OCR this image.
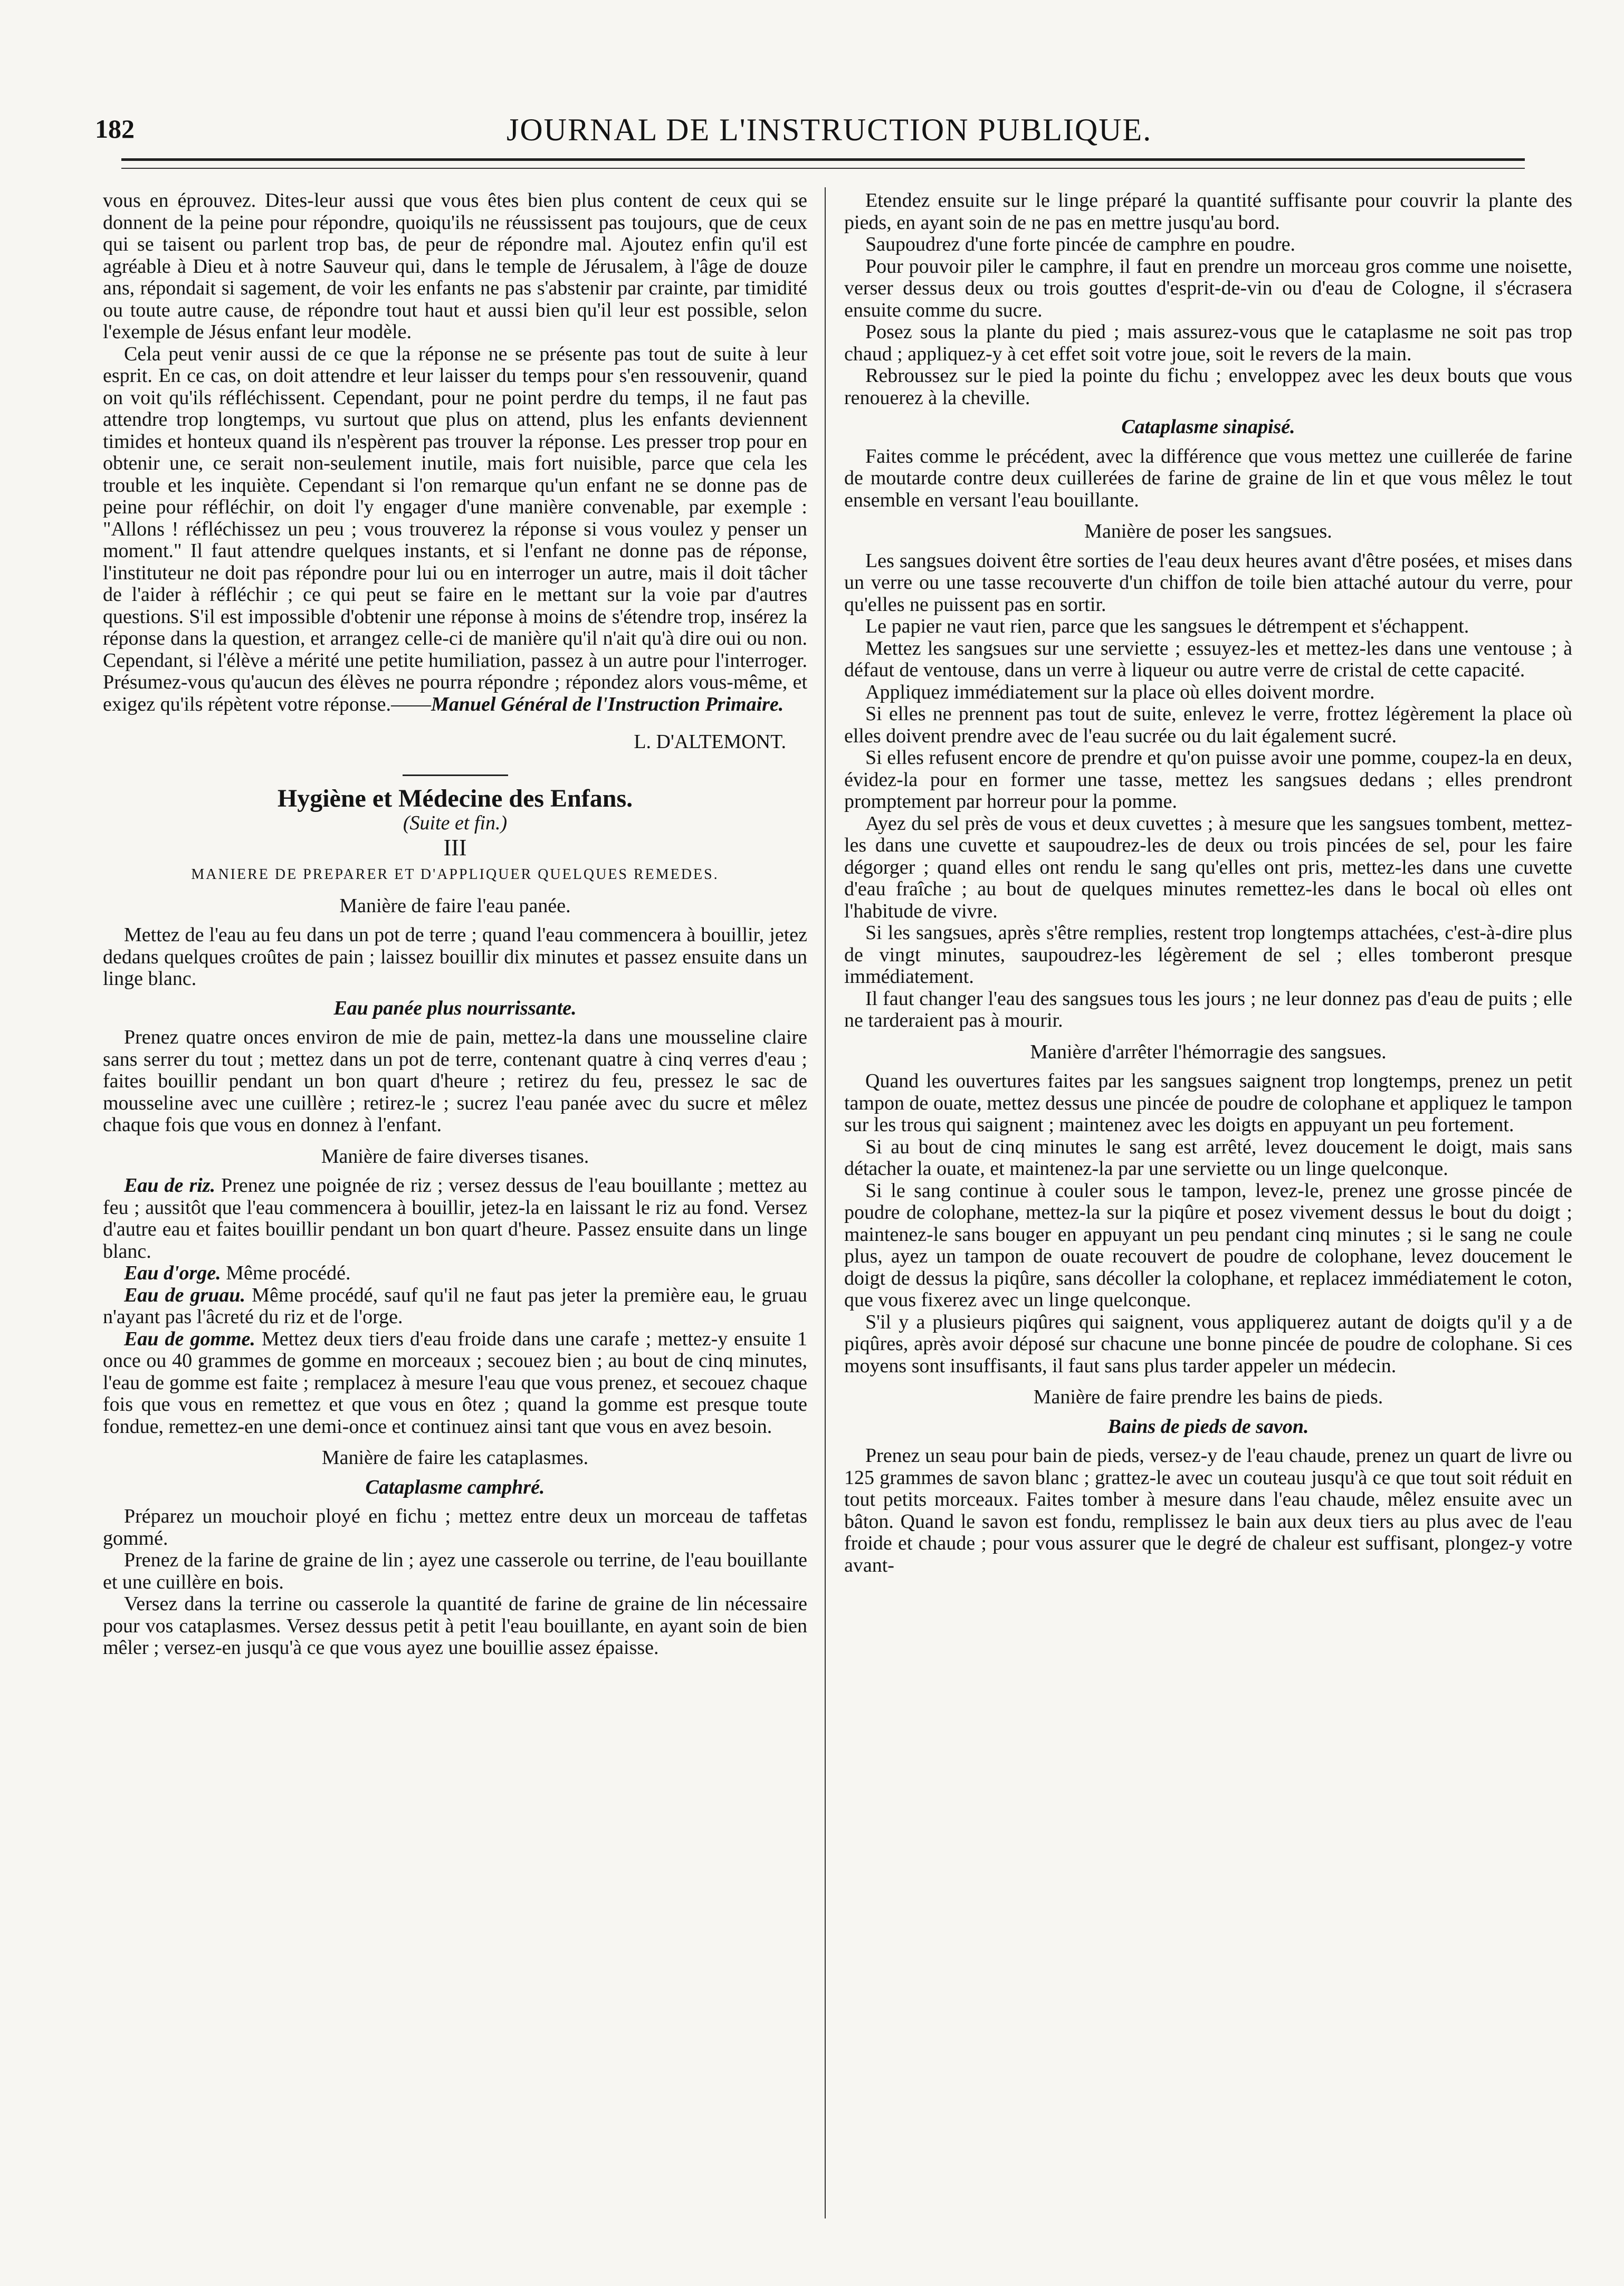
182	JOURNAL DE L'INSTRUCTION PUBLIQUE.

vous en éprouvez. Dites-leur aussi que vous êtes bien plus content de ceux qui se donnent de la peine pour répondre, quoiqu'ils ne réussissent pas toujours, que de ceux qui se taisent ou parlent trop bas, de peur de répondre mal. Ajoutez enfin qu'il est agréable à Dieu et à notre Sauveur qui, dans le temple de Jérusalem, à l'âge de douze ans, répondait si sagement, de voir les enfants ne pas s'abstenir par crainte, par timidité ou toute autre cause, de répondre tout haut et aussi bien qu'il leur est possible, selon l'exemple de Jésus enfant leur modèle.

Cela peut venir aussi de ce que la réponse ne se présente pas tout de suite à leur esprit. En ce cas, on doit attendre et leur laisser du temps pour s'en ressouvenir, quand on voit qu'ils réfléchissent. Cependant, pour ne point perdre du temps, il ne faut pas attendre trop longtemps, vu surtout que plus on attend, plus les enfants deviennent timides et honteux quand ils n'espèrent pas trouver la réponse. Les presser trop pour en obtenir une, ce serait non-seulement inutile, mais fort nuisible, parce que cela les trouble et les inquiète. Cependant si l'on remarque qu'un enfant ne se donne pas de peine pour réfléchir, on doit l'y engager d'une manière convenable, par exemple : "Allons ! réfléchissez un peu ; vous trouverez la réponse si vous voulez y penser un moment." Il faut attendre quelques instants, et si l'enfant ne donne pas de réponse, l'instituteur ne doit pas répondre pour lui ou en interroger un autre, mais il doit tâcher de l'aider à réfléchir ; ce qui peut se faire en le mettant sur la voie par d'autres questions. S'il est impossible d'obtenir une réponse à moins de s'étendre trop, insérez la réponse dans la question, et arrangez celle-ci de manière qu'il n'ait qu'à dire oui ou non. Cependant, si l'élève a mérité une petite humiliation, passez à un autre pour l'interroger. Présumez-vous qu'aucun des élèves ne pourra répondre ; répondez alors vous-même, et exigez qu'ils répètent votre réponse.——Manuel Général de l'Instruction Primaire.

L. D'ALTEMONT.

Hygiène et Médecine des Enfans.

(Suite et fin.)

III

MANIERE DE PREPARER ET D'APPLIQUER QUELQUES REMEDES.

Manière de faire l'eau panée.

Mettez de l'eau au feu dans un pot de terre ; quand l'eau commencera à bouillir, jetez dedans quelques croûtes de pain ; laissez bouillir dix minutes et passez ensuite dans un linge blanc.

Eau panée plus nourrissante.

Prenez quatre onces environ de mie de pain, mettez-la dans une mousseline claire sans serrer du tout ; mettez dans un pot de terre, contenant quatre à cinq verres d'eau ; faites bouillir pendant un bon quart d'heure ; retirez du feu, pressez le sac de mousseline avec une cuillère ; retirez-le ; sucrez l'eau panée avec du sucre et mêlez chaque fois que vous en donnez à l'enfant.

Manière de faire diverses tisanes.

Eau de riz. Prenez une poignée de riz ; versez dessus de l'eau bouillante ; mettez au feu ; aussitôt que l'eau commencera à bouillir, jetez-la en laissant le riz au fond. Versez d'autre eau et faites bouillir pendant un bon quart d'heure. Passez ensuite dans un linge blanc.

Eau d'orge. Même procédé.

Eau de gruau. Même procédé, sauf qu'il ne faut pas jeter la première eau, le gruau n'ayant pas l'âcreté du riz et de l'orge.

Eau de gomme. Mettez deux tiers d'eau froide dans une carafe ; mettez-y ensuite 1 once ou 40 grammes de gomme en morceaux ; secouez bien ; au bout de cinq minutes, l'eau de gomme est faite ; remplacez à mesure l'eau que vous prenez, et secouez chaque fois que vous en remettez et que vous en ôtez ; quand la gomme est presque toute fondue, remettez-en une demi-once et continuez ainsi tant que vous en avez besoin.

Manière de faire les cataplasmes.

Cataplasme camphré.

Préparez un mouchoir ployé en fichu ; mettez entre deux un morceau de taffetas gommé.

Prenez de la farine de graine de lin ; ayez une casserole ou terrine, de l'eau bouillante et une cuillère en bois.

Versez dans la terrine ou casserole la quantité de farine de graine de lin nécessaire pour vos cataplasmes. Versez dessus petit à petit l'eau bouillante, en ayant soin de bien mêler ; versez-en jusqu'à ce que vous ayez une bouillie assez épaisse.

Etendez ensuite sur le linge préparé la quantité suffisante pour couvrir la plante des pieds, en ayant soin de ne pas en mettre jusqu'au bord.

Saupoudrez d'une forte pincée de camphre en poudre.

Pour pouvoir piler le camphre, il faut en prendre un morceau gros comme une noisette, verser dessus deux ou trois gouttes d'esprit-de-vin ou d'eau de Cologne, il s'écrasera ensuite comme du sucre.

Posez sous la plante du pied ; mais assurez-vous que le cataplasme ne soit pas trop chaud ; appliquez-y à cet effet soit votre joue, soit le revers de la main.

Rebroussez sur le pied la pointe du fichu ; enveloppez avec les deux bouts que vous renouerez à la cheville.

Cataplasme sinapisé.

Faites comme le précédent, avec la différence que vous mettez une cuillerée de farine de moutarde contre deux cuillerées de farine de graine de lin et que vous mêlez le tout ensemble en versant l'eau bouillante.

Manière de poser les sangsues.

Les sangsues doivent être sorties de l'eau deux heures avant d'être posées, et mises dans un verre ou une tasse recouverte d'un chiffon de toile bien attaché autour du verre, pour qu'elles ne puissent pas en sortir.

Le papier ne vaut rien, parce que les sangsues le détrempent et s'échappent.

Mettez les sangsues sur une serviette ; essuyez-les et mettez-les dans une ventouse ; à défaut de ventouse, dans un verre à liqueur ou autre verre de cristal de cette capacité.

Appliquez immédiatement sur la place où elles doivent mordre.

Si elles ne prennent pas tout de suite, enlevez le verre, frottez légèrement la place où elles doivent prendre avec de l'eau sucrée ou du lait également sucré.

Si elles refusent encore de prendre et qu'on puisse avoir une pomme, coupez-la en deux, évidez-la pour en former une tasse, mettez les sangsues dedans ; elles prendront promptement par horreur pour la pomme.

Ayez du sel près de vous et deux cuvettes ; à mesure que les sangsues tombent, mettez-les dans une cuvette et saupoudrez-les de deux ou trois pincées de sel, pour les faire dégorger ; quand elles ont rendu le sang qu'elles ont pris, mettez-les dans une cuvette d'eau fraîche ; au bout de quelques minutes remettez-les dans le bocal où elles ont l'habitude de vivre.

Si les sangsues, après s'être remplies, restent trop longtemps attachées, c'est-à-dire plus de vingt minutes, saupoudrez-les légèrement de sel ; elles tomberont presque immédiatement.

Il faut changer l'eau des sangsues tous les jours ; ne leur donnez pas d'eau de puits ; elle ne tarderaient pas à mourir.

Manière d'arrêter l'hémorragie des sangsues.

Quand les ouvertures faites par les sangsues saignent trop longtemps, prenez un petit tampon de ouate, mettez dessus une pincée de poudre de colophane et appliquez le tampon sur les trous qui saignent ; maintenez avec les doigts en appuyant un peu fortement.

Si au bout de cinq minutes le sang est arrêté, levez doucement le doigt, mais sans détacher la ouate, et maintenez-la par une serviette ou un linge quelconque.

Si le sang continue à couler sous le tampon, levez-le, prenez une grosse pincée de poudre de colophane, mettez-la sur la piqûre et posez vivement dessus le bout du doigt ; maintenez-le sans bouger en appuyant un peu pendant cinq minutes ; si le sang ne coule plus, ayez un tampon de ouate recouvert de poudre de colophane, levez doucement le doigt de dessus la piqûre, sans décoller la colophane, et replacez immédiatement le coton, que vous fixerez avec un linge quelconque.

S'il y a plusieurs piqûres qui saignent, vous appliquerez autant de doigts qu'il y a de piqûres, après avoir déposé sur chacune une bonne pincée de poudre de colophane. Si ces moyens sont insuffisants, il faut sans plus tarder appeler un médecin.

Manière de faire prendre les bains de pieds.

Bains de pieds de savon.

Prenez un seau pour bain de pieds, versez-y de l'eau chaude, prenez un quart de livre ou 125 grammes de savon blanc ; grattez-le avec un couteau jusqu'à ce que tout soit réduit en tout petits morceaux. Faites tomber à mesure dans l'eau chaude, mêlez ensuite avec un bâton. Quand le savon est fondu, remplissez le bain aux deux tiers au plus avec de l'eau froide et chaude ; pour vous assurer que le degré de chaleur est suffisant, plongez-y votre avant-
